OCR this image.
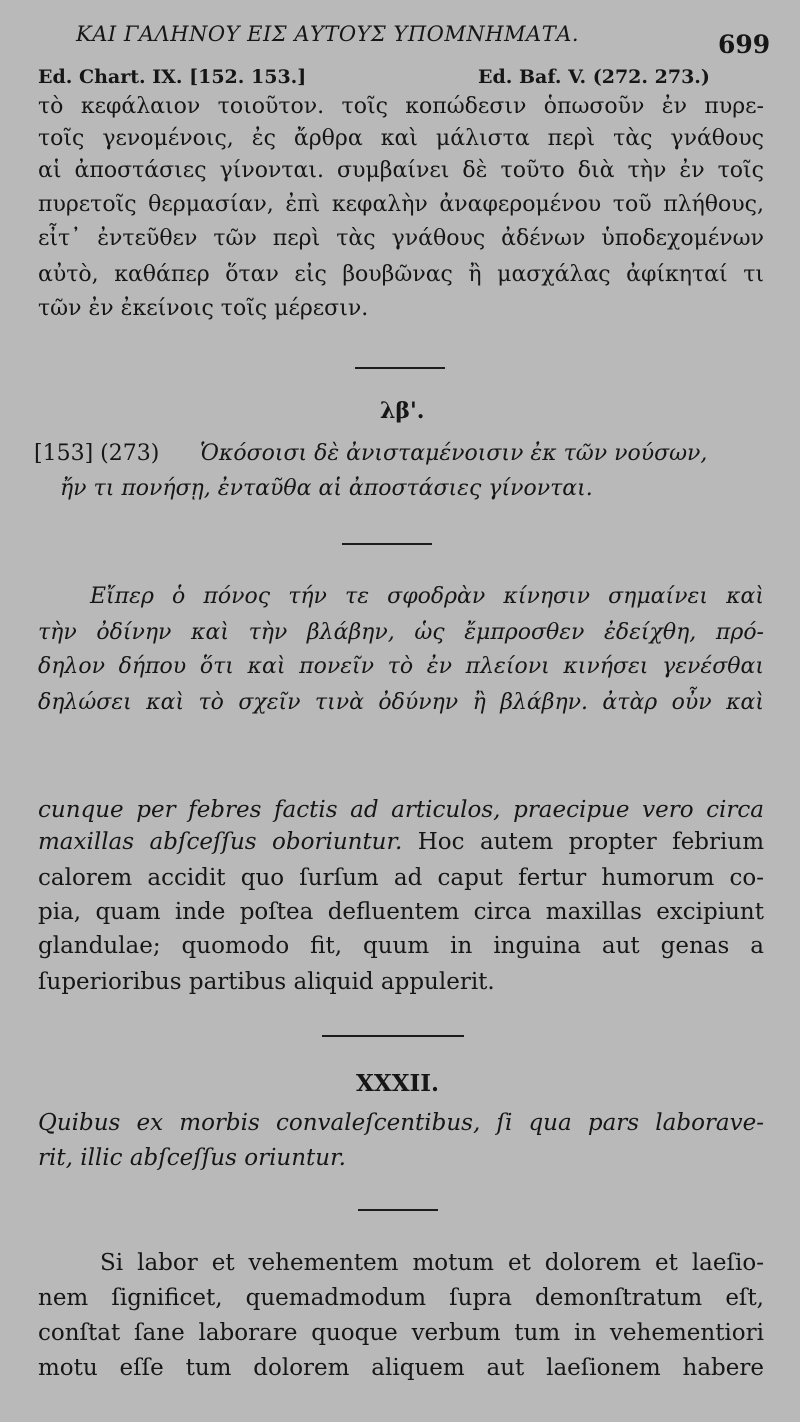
ΚΑΙ ΓΑΛΗΝΟΥ ΕΙΣ ΑΥΤΟΥΣ ΥΠΟΜΝΗΜΑΤΑ.	699
Ed. Chart. IX. [152. 153.]	Ed. Baf. V. (272. 273.)
τὸ κεφάλαιον τοιοῦτον. τοῖς κοπώδεσιν ὁπωσοῦν ἐν πυρε-
τοῖς γενομένοις, ἐς ἄρθρα καὶ μάλιστα περὶ τὰς γνάθους
αἱ ἀποστάσιες γίνονται. συμβαίνει δὲ τοῦτο διὰ τὴν ἐν τοῖς
πυρετοῖς θερμασίαν, ἐπὶ κεφαλὴν ἀναφερομένου τοῦ πλήθους,
εἶτ᾽ ἐντεῦθεν τῶν περὶ τὰς γνάθους ἀδένων ὑποδεχομένων
αὐτὸ, καθάπερ ὅταν εἰς βουβῶνας ἢ μασχάλας ἀφίκηταί τι
τῶν ἐν ἐκείνοις τοῖς μέρεσιν.
λβ'.
[153] (273) Ὁκόσοισι δὲ ἀνισταμένοισιν ἐκ τῶν νούσων,
ἤν τι πονήσῃ, ἐνταῦθα αἱ ἀποστάσιες γίνονται.
Εἴπερ ὁ πόνος τήν τε σφοδρὰν κίνησιν σημαίνει καὶ
τὴν ὀδίνην καὶ τὴν βλάβην, ὡς ἔμπροσθεν ἐδείχθη, πρό-
δηλον δήπου ὅτι καὶ πονεῖν τὸ ἐν πλείονι κινήσει γενέσθαι
δηλώσει καὶ τὸ σχεῖν τινὰ ὀδύνην ἢ βλάβην. ἀτὰρ οὖν καὶ
cunque per febres factis ad articulos, praecipue vero circa
maxillas abſceſſus oboriuntur. Hoc autem propter febrium
calorem accidit quo ſurſum ad caput fertur humorum co-
pia, quam inde poſtea defluentem circa maxillas excipiunt
glandulae; quomodo fit, quum in inguina aut genas a
ſuperioribus partibus aliquid appulerit.
XXXII.
Quibus ex morbis convaleſcentibus, ſi qua pars laborave-
rit, illic abſceſſus oriuntur.
Si labor et vehementem motum et dolorem et laeſio-
nem ſignificet, quemadmodum ſupra demonſtratum eſt,
conſtat ſane laborare quoque verbum tum in vehementiori
motu eſſe tum dolorem aliquem aut laeſionem habere
